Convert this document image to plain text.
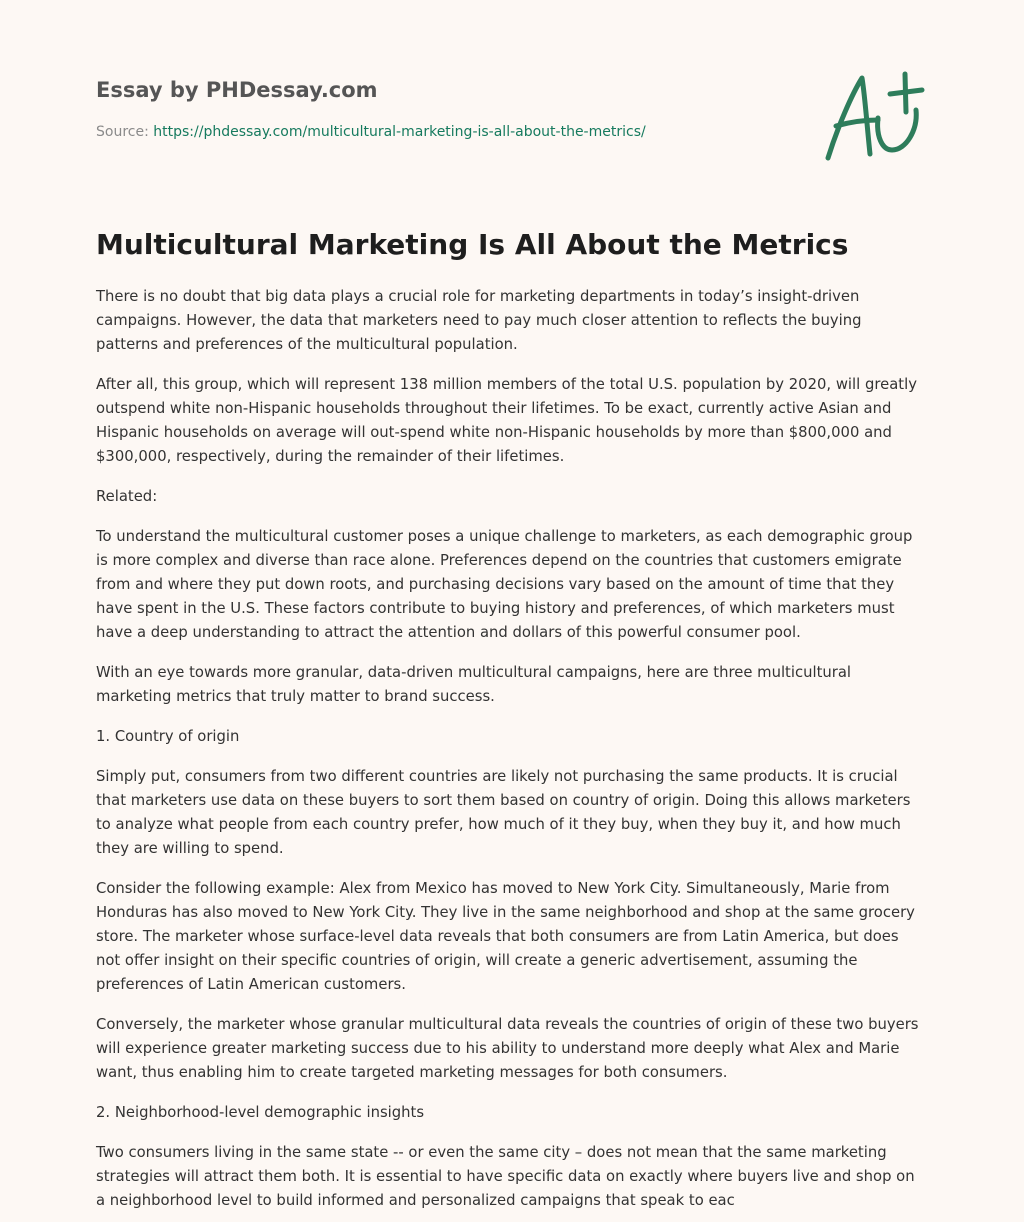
Essay by PHDessay.com
Source: https://phdessay.com/multicultural-marketing-is-all-about-the-metrics/
Multicultural Marketing Is All About the Metrics

There is no doubt that big data plays a crucial role for marketing departments in today’s insight-driven campaigns. However, the data that marketers need to pay much closer attention to reflects the buying patterns and preferences of the multicultural population.

After all, this group, which will represent 138 million members of the total U.S. population by 2020, will greatly outspend white non-Hispanic households throughout their lifetimes. To be exact, currently active Asian and Hispanic households on average will out-spend white non-Hispanic households by more than $800,000 and $300,000, respectively, during the remainder of their lifetimes.

Related:

To understand the multicultural customer poses a unique challenge to marketers, as each demographic group is more complex and diverse than race alone. Preferences depend on the countries that customers emigrate from and where they put down roots, and purchasing decisions vary based on the amount of time that they have spent in the U.S. These factors contribute to buying history and preferences, of which marketers must have a deep understanding to attract the attention and dollars of this powerful consumer pool.

With an eye towards more granular, data-driven multicultural campaigns, here are three multicultural marketing metrics that truly matter to brand success.

1. Country of origin

Simply put, consumers from two different countries are likely not purchasing the same products. It is crucial that marketers use data on these buyers to sort them based on country of origin. Doing this allows marketers to analyze what people from each country prefer, how much of it they buy, when they buy it, and how much they are willing to spend.

Consider the following example: Alex from Mexico has moved to New York City. Simultaneously, Marie from Honduras has also moved to New York City. They live in the same neighborhood and shop at the same grocery store. The marketer whose surface-level data reveals that both consumers are from Latin America, but does not offer insight on their specific countries of origin, will create a generic advertisement, assuming the preferences of Latin American customers.

Conversely, the marketer whose granular multicultural data reveals the countries of origin of these two buyers will experience greater marketing success due to his ability to understand more deeply what Alex and Marie want, thus enabling him to create targeted marketing messages for both consumers.

2. Neighborhood-level demographic insights

Two consumers living in the same state -- or even the same city – does not mean that the same marketing strategies will attract them both. It is essential to have specific data on exactly where buyers live and shop on a neighborhood level to build informed and personalized campaigns that speak to eac
